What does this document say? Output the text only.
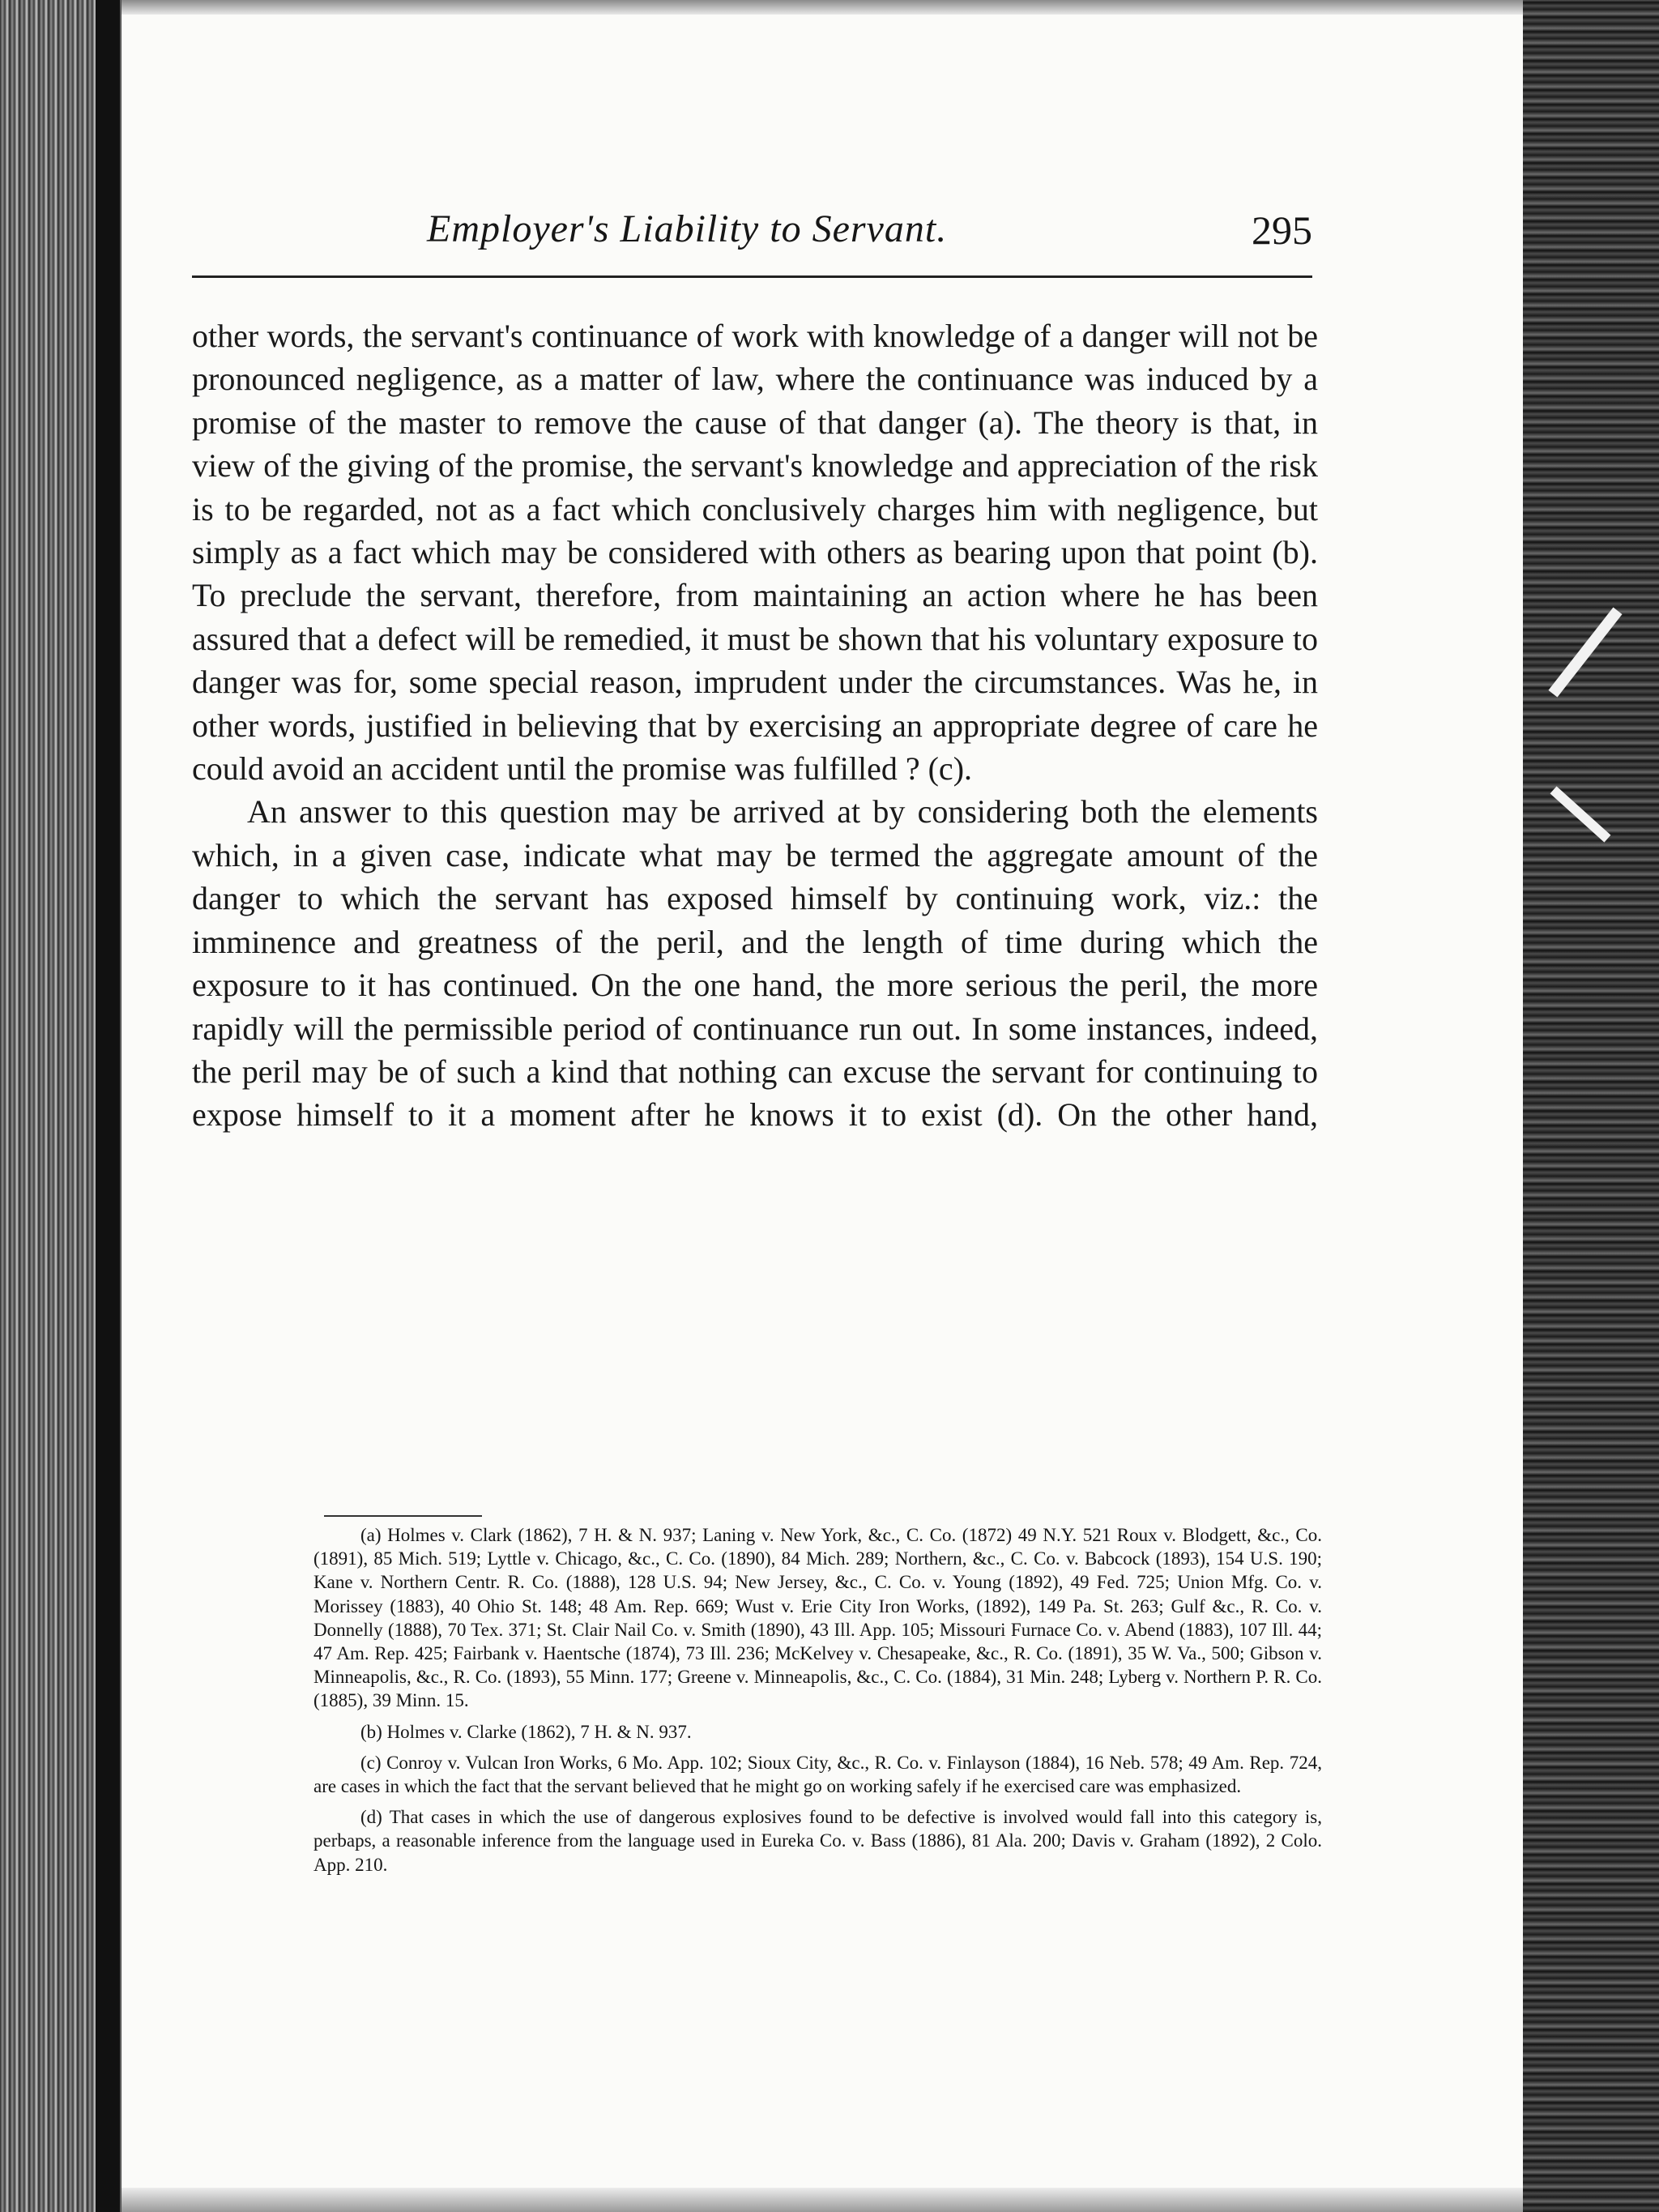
Employer's Liability to Servant.	295

other words, the servant's continuance of work with knowledge of a danger will not be pronounced negligence, as a matter of law, where the continuance was induced by a promise of the master to remove the cause of that danger (a). The theory is that, in view of the giving of the promise, the servant's knowledge and appreciation of the risk is to be regarded, not as a fact which conclusively charges him with negligence, but simply as a fact which may be considered with others as bearing upon that point (b). To preclude the servant, therefore, from maintaining an action where he has been assured that a defect will be remedied, it must be shown that his voluntary exposure to danger was for, some special reason, imprudent under the circumstances. Was he, in other words, justified in believing that by exercising an appropriate degree of care he could avoid an accident until the promise was fulfilled ? (c).

An answer to this question may be arrived at by considering both the elements which, in a given case, indicate what may be termed the aggregate amount of the danger to which the servant has exposed himself by continuing work, viz.: the imminence and greatness of the peril, and the length of time during which the exposure to it has continued. On the one hand, the more serious the peril, the more rapidly will the permissible period of continuance run out. In some instances, indeed, the peril may be of such a kind that nothing can excuse the servant for continuing to expose himself to it a moment after he knows it to exist (d). On the other hand,

(a) Holmes v. Clark (1862), 7 H. & N. 937; Laning v. New York, &c., C. Co. (1872) 49 N.Y. 521 Roux v. Blodgett, &c., Co. (1891), 85 Mich. 519; Lyttle v. Chicago, &c., C. Co. (1890), 84 Mich. 289; Northern, &c., C. Co. v. Babcock (1893), 154 U.S. 190; Kane v. Northern Centr. R. Co. (1888), 128 U.S. 94; New Jersey, &c., C. Co. v. Young (1892), 49 Fed. 725; Union Mfg. Co. v. Morissey (1883), 40 Ohio St. 148; 48 Am. Rep. 669; Wust v. Erie City Iron Works, (1892), 149 Pa. St. 263; Gulf &c., R. Co. v. Donnelly (1888), 70 Tex. 371; St. Clair Nail Co. v. Smith (1890), 43 Ill. App. 105; Missouri Furnace Co. v. Abend (1883), 107 Ill. 44; 47 Am. Rep. 425; Fairbank v. Haentsche (1874), 73 Ill. 236; McKelvey v. Chesapeake, &c., R. Co. (1891), 35 W. Va., 500; Gibson v. Minneapolis, &c., R. Co. (1893), 55 Minn. 177; Greene v. Minneapolis, &c., C. Co. (1884), 31 Min. 248; Lyberg v. Northern P. R. Co. (1885), 39 Minn. 15.

(b) Holmes v. Clarke (1862), 7 H. & N. 937.

(c) Conroy v. Vulcan Iron Works, 6 Mo. App. 102; Sioux City, &c., R. Co. v. Finlayson (1884), 16 Neb. 578; 49 Am. Rep. 724, are cases in which the fact that the servant believed that he might go on working safely if he exercised care was emphasized.

(d) That cases in which the use of dangerous explosives found to be defective is involved would fall into this category is, perbaps, a reasonable inference from the language used in Eureka Co. v. Bass (1886), 81 Ala. 200; Davis v. Graham (1892), 2 Colo. App. 210.
